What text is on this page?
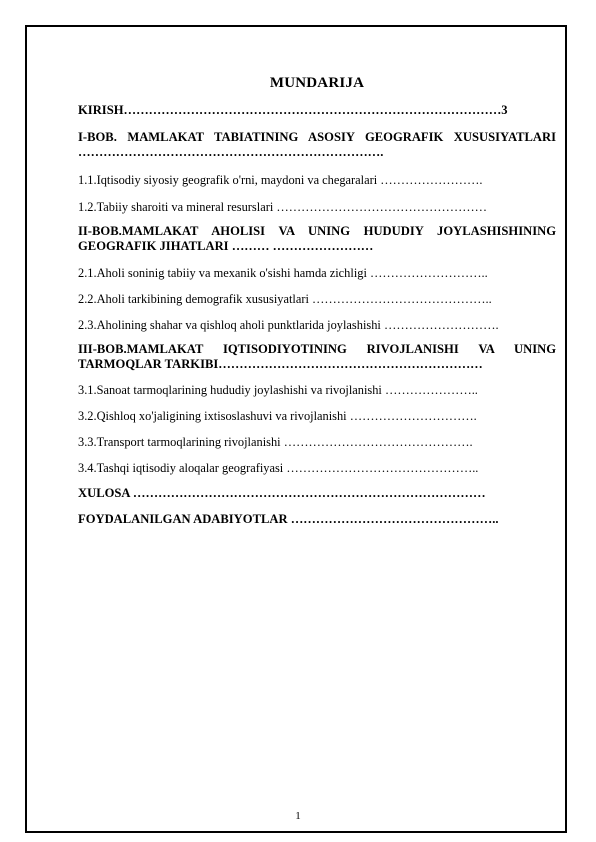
MUNDARIJA
KIRISH………………………………………………………………………………3
I-BOB. MAMLAKAT TABIATINING ASOSIY GEOGRAFIK XUSUSIYATLARI ……………………………………………………………….
1.1.Iqtisodiy siyosiy geografik o'rni, maydoni va chegaralari …………………….
1.2.Tabiiy sharoiti va mineral resurslari ……………………………………………
II-BOB.MAMLAKAT AHOLISI VA UNING HUDUDIY JOYLASHISHINING GEOGRAFIK JIHATLARI ……… ……………………
2.1.Aholi soninig tabiiy va mexanik o'sishi hamda zichligi ………………………..
2.2.Aholi tarkibining demografik xususiyatlari ……………………………………..
2.3.Aholining shahar va qishloq aholi punktlarida joylashishi ……………………….
III-BOB.MAMLAKAT IQTISODIYOTINING RIVOJLANISHI VA UNING TARMOQLAR TARKIBI………………………………………………………
3.1.Sanoat tarmoqlarining hududiy joylashishi va rivojlanishi …………………..
3.2.Qishloq xo'jaligining ixtisoslashuvi va rivojlanishi ………………………….
3.3.Transport tarmoqlarining rivojlanishi ……………………………………….
3.4.Tashqi iqtisodiy aloqalar geografiyasi ………………………………………..
XULOSA …………………………………………………………………………
FOYDALANILGAN ADABIYOTLAR …………………………………………..
1
